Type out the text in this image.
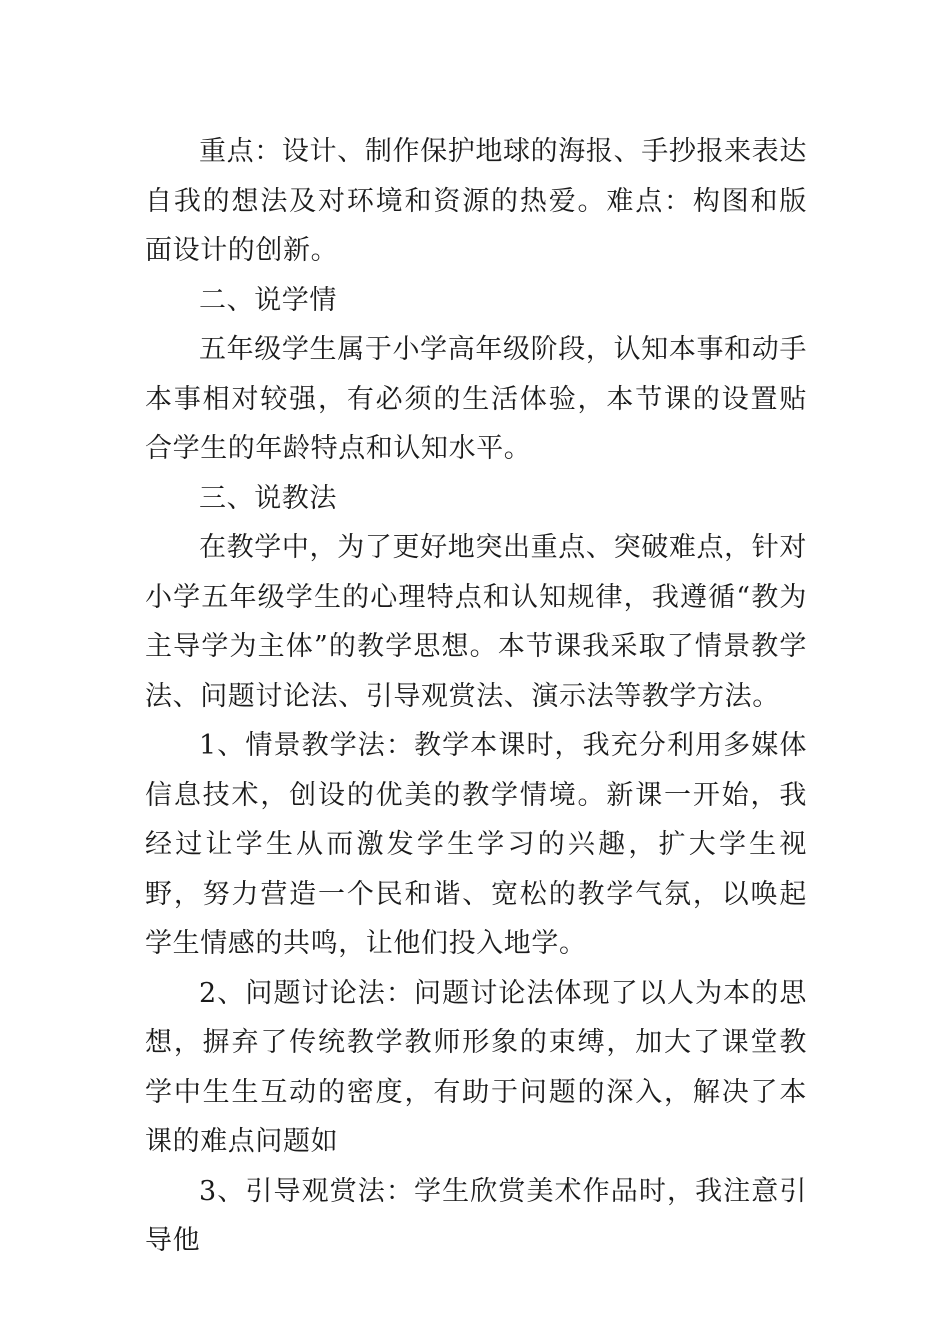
重点：设计、制作保护地球的海报、手抄报来表达自我的想法及对环境和资源的热爱。难点：构图和版面设计的创新。

二、说学情

五年级学生属于小学高年级阶段，认知本事和动手本事相对较强，有必须的生活体验，本节课的设置贴合学生的年龄特点和认知水平。

三、说教法

在教学中，为了更好地突出重点、突破难点，针对小学五年级学生的心理特点和认知规律，我遵循“教为主导学为主体”的教学思想。本节课我采取了情景教学法、问题讨论法、引导观赏法、演示法等教学方法。

1、情景教学法：教学本课时，我充分利用多媒体信息技术，创设的优美的教学情境。新课一开始，我经过让学生从而激发学生学习的兴趣，扩大学生视野，努力营造一个民和谐、宽松的教学气氛，以唤起学生情感的共鸣，让他们投入地学。

2、问题讨论法：问题讨论法体现了以人为本的思想，摒弃了传统教学教师形象的束缚，加大了课堂教学中生生互动的密度，有助于问题的深入，解决了本课的难点问题如

3、引导观赏法：学生欣赏美术作品时，我注意引导他
